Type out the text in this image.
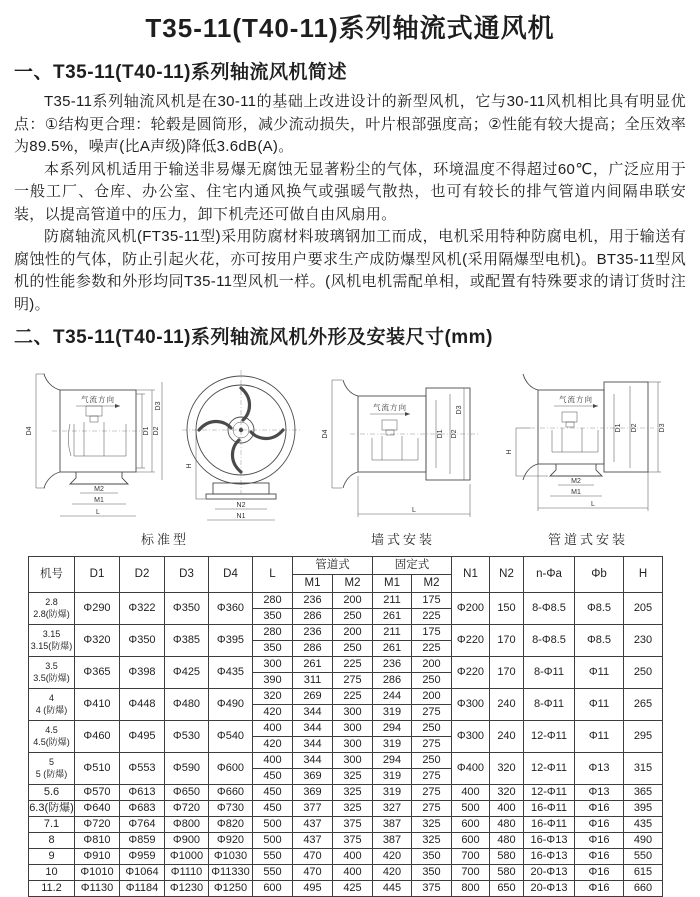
T35-11(T40-11)系列轴流式通风机
一、T35-11(T40-11)系列轴流风机简述

T35-11系列轴流风机是在30-11的基础上改进设计的新型风机，它与30-11风机相比具有明显优点：①结构更合理：轮毂是圆筒形，减少流动损失，叶片根部强度高；②性能有较大提高；全压效率为89.5%，噪声(比A声级)降低3.6dB(A)。

本系列风机适用于输送非易爆无腐蚀无显著粉尘的气体，环境温度不得超过60℃，广泛应用于一般工厂、仓库、办公室、住宅内通风换气或强暖气散热，也可有较长的排气管道内间隔串联安装，以提高管道中的压力，卸下机壳还可做自由风扇用。

防腐轴流风机(FT35-11型)采用防腐材料玻璃钢加工而成，电机采用特种防腐电机，用于输送有腐蚀性的气体，防止引起火花，亦可按用户要求生产成防爆型风机(采用隔爆型电机)。BT35-11型风机的性能参数和外形均同T35-11型风机一样。(风机电机需配单相，或配置有特殊要求的请订货时注明)。

二、T35-11(T40-11)系列轴流风机外形及安装尺寸(mm)
气流方向
D1 D2
D3
D4
M2
M1
L
H
N2
N1
标准型
气流方向
D4	D1 D2
D3
L
墙式安装
气流方向
H
D1 D2	D3
M2
M1
L
管道式安装
机号	D1	D2	D3	D4	L	管道式		固定式		N1	N2	n-Φa	Φb	H
						M1	M2	M1	M2					

2.8
2.8(防爆)	Φ290	Φ322	Φ350	Φ360	280	236	200	211	175	Φ200	150	8-Φ8.5	Φ8.5	205
					350	286	250	261	225					

3.15
3.15(防爆)	Φ320	Φ350	Φ385	Φ395	280	236	200	211	175	Φ220	170	8-Φ8.5	Φ8.5	230
					350	286	250	261	225					

3.5
3.5(防爆)	Φ365	Φ398	Φ425	Φ435	300	261	225	236	200	Φ220	170	8-Φ11	Φ11	250
					390	311	275	286	250					

4
4 (防爆)	Φ410	Φ448	Φ480	Φ490	320	269	225	244	200	Φ300	240	8-Φ11	Φ11	265
					420	344	300	319	275					

4.5
4.5(防爆)	Φ460	Φ495	Φ530	Φ540	400	344	300	294	250	Φ300	240	12-Φ11	Φ11	295
					420	344	300	319	275					

5
5 (防爆)	Φ510	Φ553	Φ590	Φ600	400	344	300	294	250	Φ400	320	12-Φ11	Φ13	315
					450	369	325	319	275					
5.6	Φ570	Φ613	Φ650	Φ660	450	369	325	319	275	400	320	12-Φ11	Φ13	365
6.3(防爆)	Φ640	Φ683	Φ720	Φ730	450	377	325	327	275	500	400	16-Φ11	Φ16	395
7.1	Φ720	Φ764	Φ800	Φ820	500	437	375	387	325	600	480	16-Φ11	Φ16	435
8	Φ810	Φ859	Φ900	Φ920	500	437	375	387	325	600	480	16-Φ13	Φ16	490
9	Φ910	Φ959	Φ1000	Φ1030	550	470	400	420	350	700	580	16-Φ13	Φ16	550
10	Φ1010	Φ1064	Φ1110	Φ11330	550	470	400	420	350	700	580	20-Φ13	Φ16	615
11.2	Φ1130	Φ1184	Φ1230	Φ1250	600	495	425	445	375	800	650	20-Φ13	Φ16	660
